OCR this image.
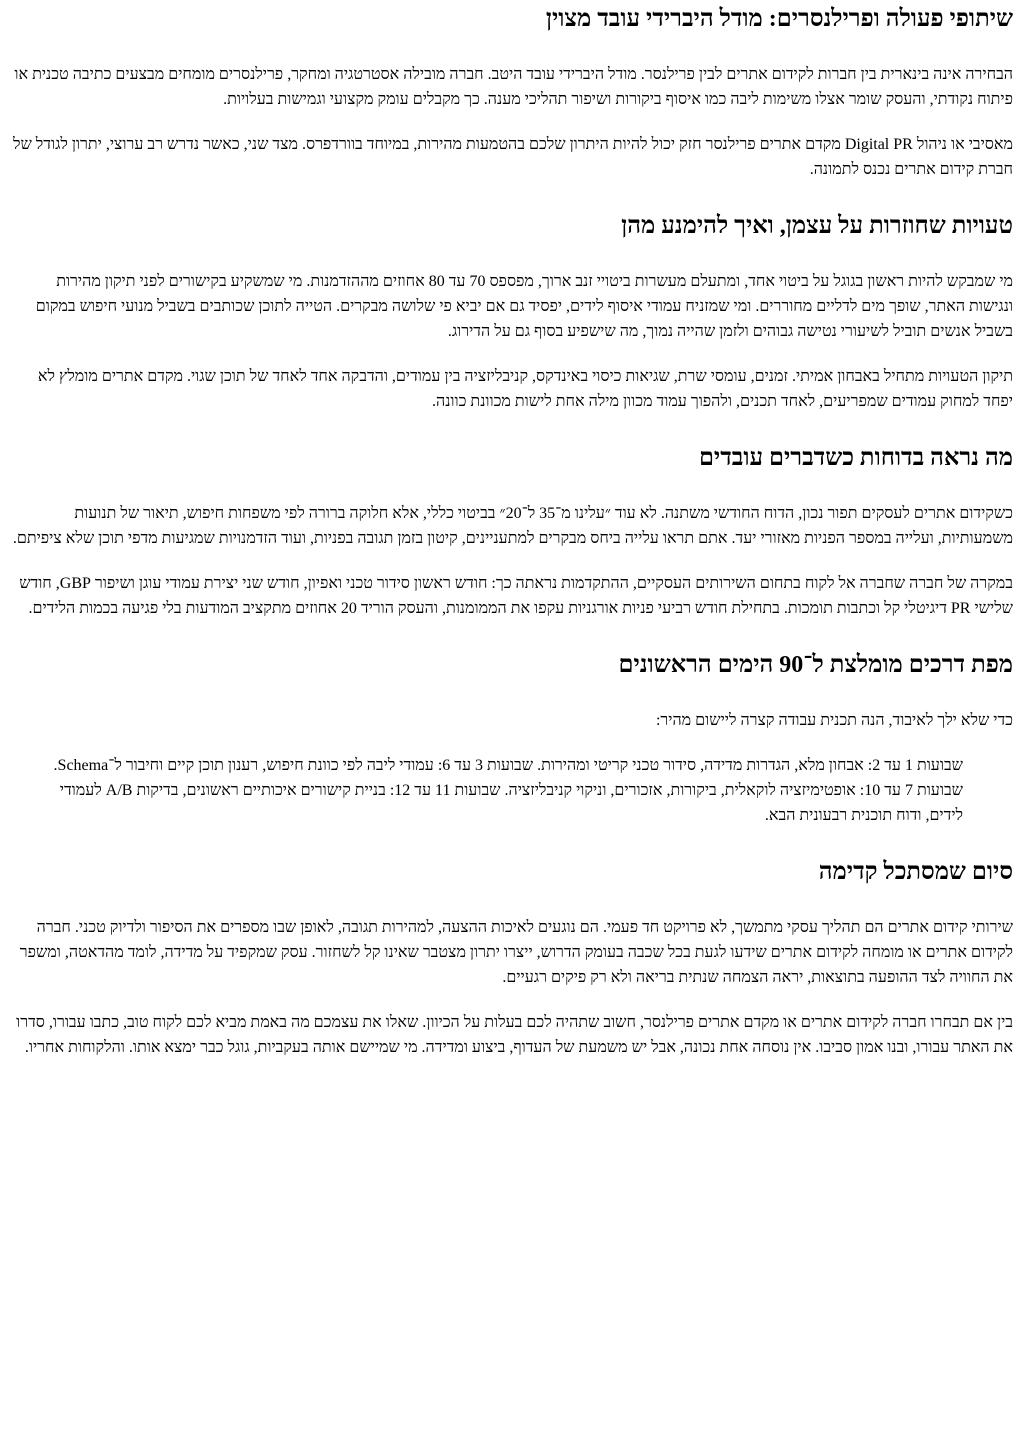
שיתופי פעולה ופרילנסרים: מודל היברידי עובד מצוין

הבחירה אינה בינארית בין חברות לקידום אתרים לבין פרילנסר. מודל היברידי עובד היטב. חברה מובילה אסטרטגיה ומחקר, פרילנסרים מומחים מבצעים כתיבה טכנית או פיתוח נקודתי, והעסק שומר אצלו משימות ליבה כמו איסוף ביקורות ושיפור תהליכי מענה. כך מקבלים עומק מקצועי וגמישות בעלויות.

מאסיבי או ניהול Digital PR מקדם אתרים פרילנסר חזק יכול להיות היתרון שלכם בהטמעות מהירות, במיוחד בוורדפרס. מצד שני, כאשר נדרש רב ערוצי, יתרון לגודל של חברת קידום אתרים נכנס לתמונה.

טעויות שחוזרות על עצמן, ואיך להימנע מהן

מי שמבקש להיות ראשון בגוגל על ביטוי אחד, ומתעלם מעשרות ביטויי זנב ארוך, מפספס 70 עד 80 אחוזים מההזדמנות. מי שמשקיע בקישורים לפני תיקון מהירות ונגישות האתר, שופך מים לדליים מחוררים. ומי שמזניח עמודי איסוף לידים, יפסיד גם אם יביא פי שלושה מבקרים. הטייה לתוכן שכותבים בשביל מנועי חיפוש במקום בשביל אנשים תוביל לשיעורי נטישה גבוהים ולזמן שהייה נמוך, מה שישפיע בסוף גם על הדירוג.

תיקון הטעויות מתחיל באבחון אמיתי. זמנים, עומסי שרת, שגיאות כיסוי באינדקס, קניבליזציה בין עמודים, והדבקה אחד לאחד של תוכן שגוי. מקדם אתרים מומלץ לא יפחד למחוק עמודים שמפריעים, לאחד תכנים, ולהפוך עמוד מכוון מילה אחת לישות מכוונת כוונה.

מה נראה בדוחות כשדברים עובדים

כשקידום אתרים לעסקים תפור נכון, הדוח החודשי משתנה. לא עוד ״עלינו מ־35 ל־20״ בביטוי כללי, אלא חלוקה ברורה לפי משפחות חיפוש, תיאור של תנועות משמעותיות, ועלייה במספר הפניות מאזורי יעד. אתם תראו עלייה ביחס מבקרים למתעניינים, קיטון בזמן תגובה בפניות, ועוד הזדמנויות שמגיעות מדפי תוכן שלא ציפיתם.

במקרה של חברה שחברה אל לקוח בתחום השירותים העסקיים, ההתקדמות נראתה כך: חודש ראשון סידור טכני ואפיון, חודש שני יצירת עמודי עוגן ושיפור GBP, חודש שלישי PR דיגיטלי קל וכתבות תומכות. בתחילת חודש רביעי פניות אורגניות עקפו את הממומנות, והעסק הוריד 20 אחוזים מתקציב המודעות בלי פגיעה בכמות הלידים.

מפת דרכים מומלצת ל־90 הימים הראשונים

כדי שלא ילך לאיבוד, הנה תכנית עבודה קצרה ליישום מהיר:

שבועות 1 עד 2: אבחון מלא, הגדרות מדידה, סידור טכני קריטי ומהירות. שבועות 3 עד 6: עמודי ליבה לפי כוונת חיפוש, רענון תוכן קיים וחיבור ל־Schema. שבועות 7 עד 10: אופטימיזציה לוקאלית, ביקורות, אזכורים, וניקוי קניבליזציה. שבועות 11 עד 12: בניית קישורים איכותיים ראשונים, בדיקות A/B לעמודי לידים, ודוח תוכנית רבעונית הבא.

סיום שמסתכל קדימה

שירותי קידום אתרים הם תהליך עסקי מתמשך, לא פרויקט חד פעמי. הם נוגעים לאיכות ההצעה, למהירות תגובה, לאופן שבו מספרים את הסיפור ולדיוק טכני. חברה לקידום אתרים או מומחה לקידום אתרים שידעו לגעת בכל שכבה בעומק הדרוש, ייצרו יתרון מצטבר שאינו קל לשחזור. עסק שמקפיד על מדידה, לומד מהדאטה, ומשפר את החוויה לצד ההופעה בתוצאות, יראה הצמחה שנתית בריאה ולא רק פיקים רגעיים.

בין אם תבחרו חברה לקידום אתרים או מקדם אתרים פרילנסר, חשוב שתהיה לכם בעלות על הכיוון. שאלו את עצמכם מה באמת מביא לכם לקוח טוב, כתבו עבורו, סדרו את האתר עבורו, ובנו אמון סביבו. אין נוסחה אחת נכונה, אבל יש משמעת של העדוף, ביצוע ומדידה. מי שמיישם אותה בעקביות, גוגל כבר ימצא אותו. והלקוחות אחריו.
